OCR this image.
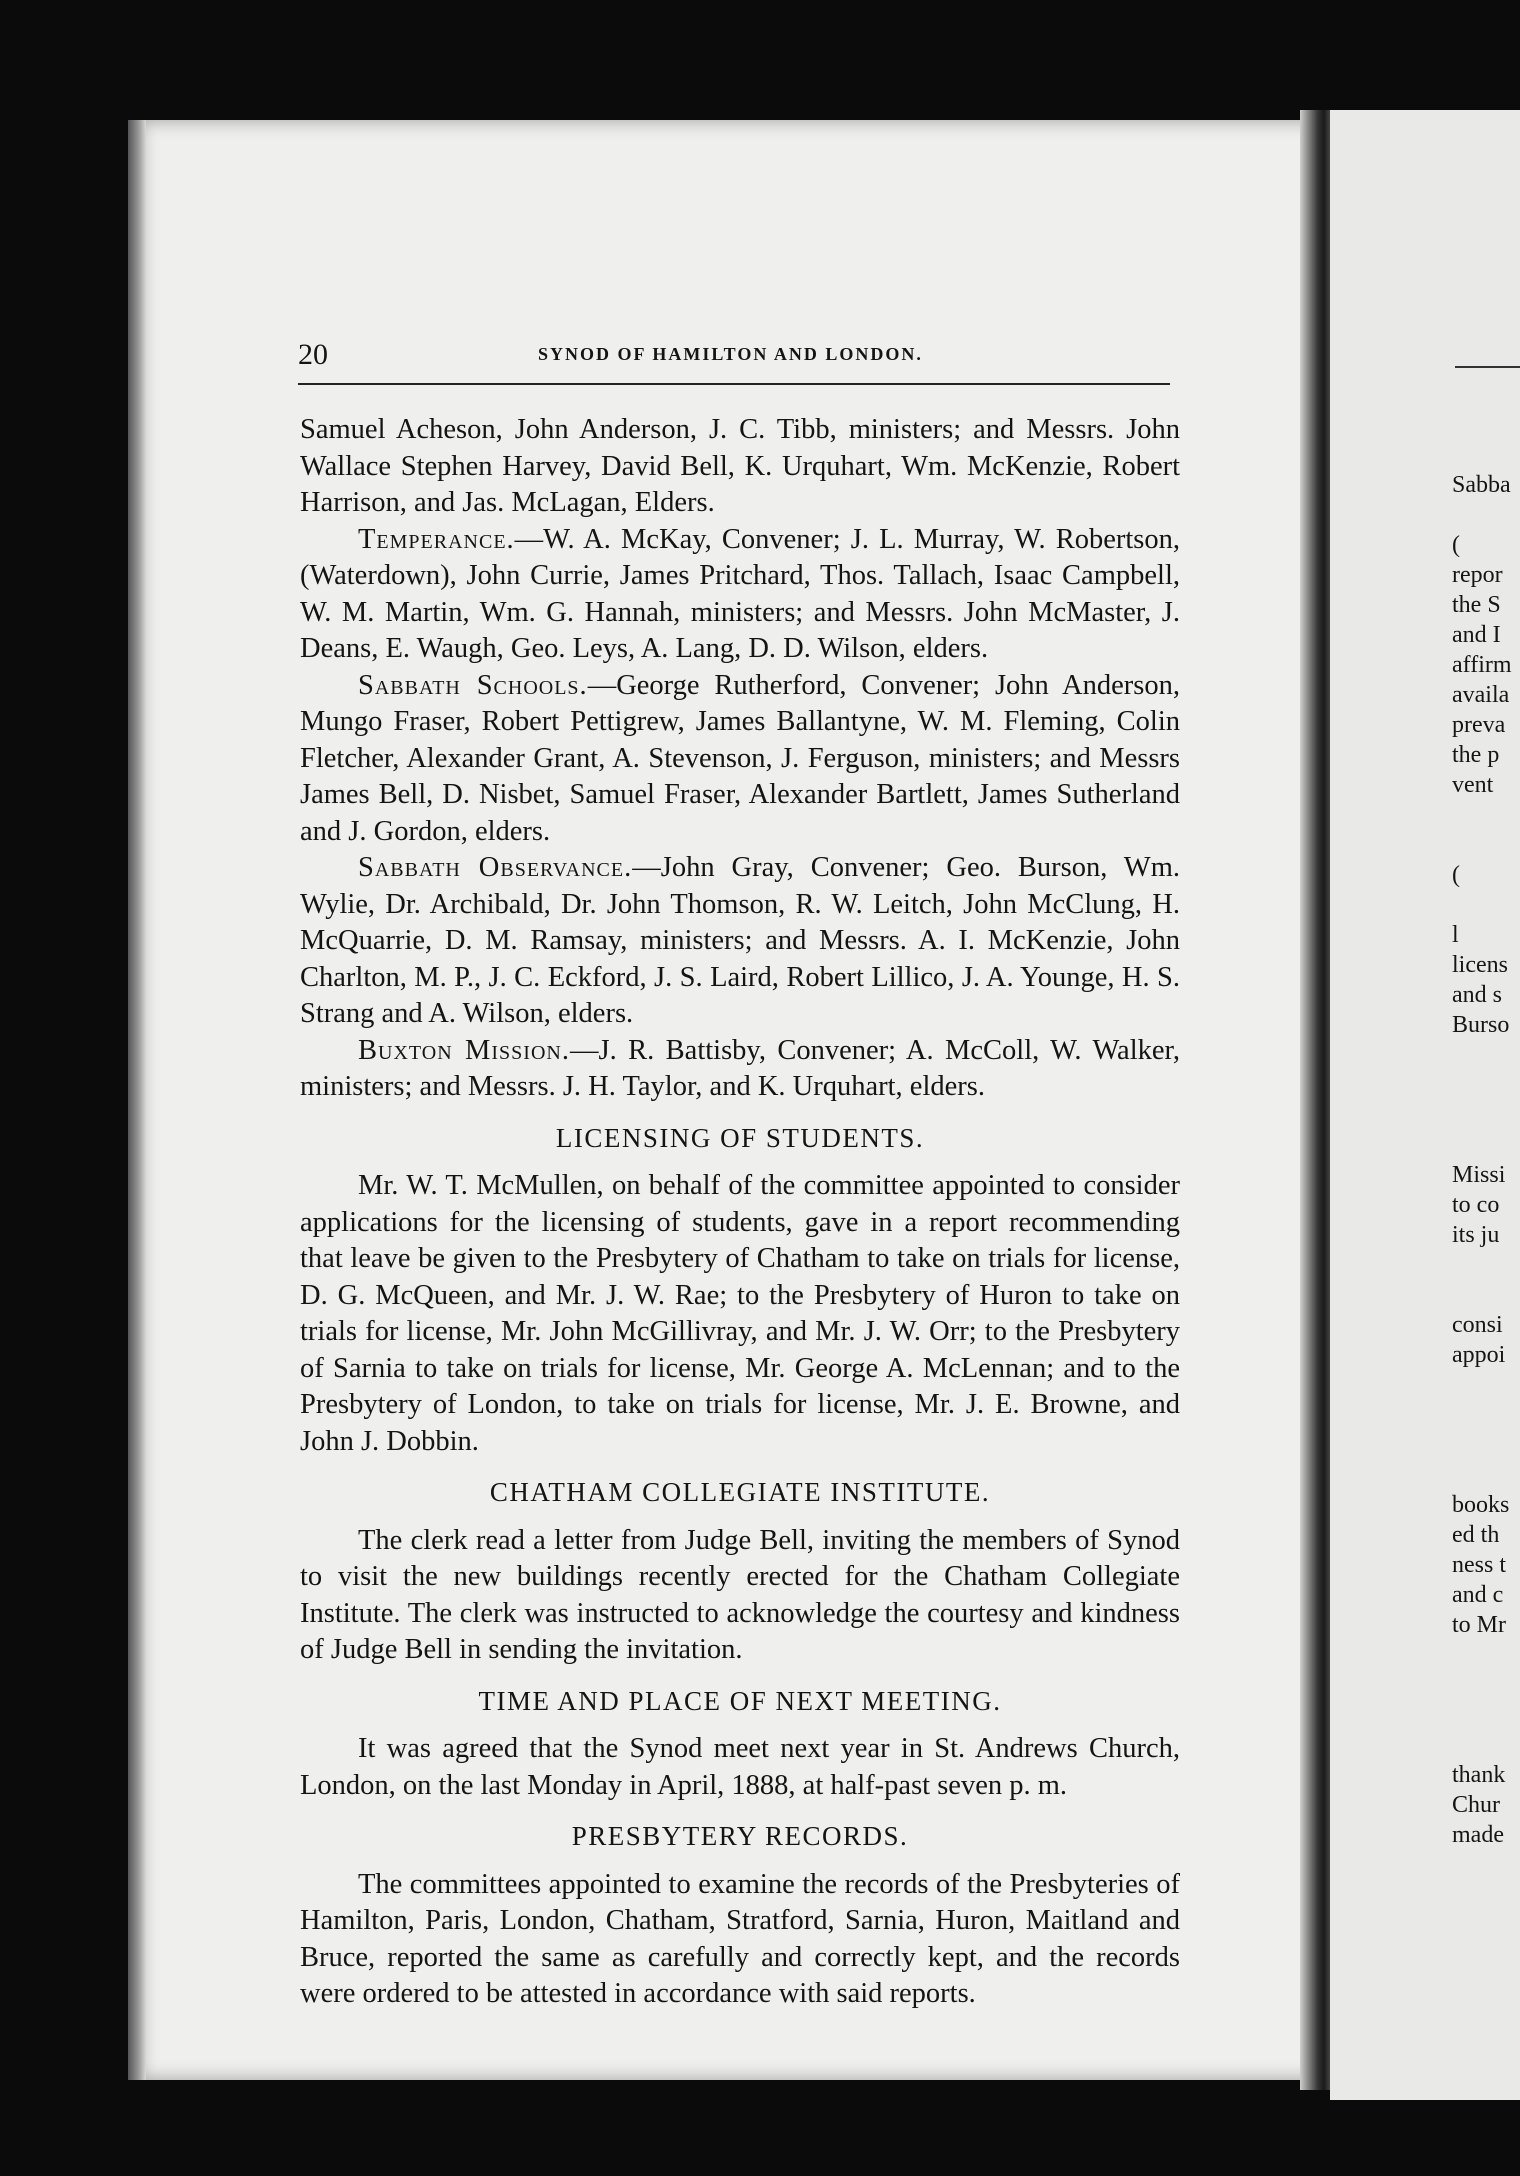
20	SYNOD OF HAMILTON AND LONDON.

Samuel Acheson, John Anderson, J. C. Tibb, ministers; and Messrs. John Wallace Stephen Harvey, David Bell, K. Urquhart, Wm. McKenzie, Robert Harrison, and Jas. McLagan, Elders.

Temperance.—W. A. McKay, Convener; J. L. Murray, W. Robertson, (Waterdown), John Currie, James Pritchard, Thos. Tallach, Isaac Campbell, W. M. Martin, Wm. G. Hannah, ministers; and Messrs. John McMaster, J. Deans, E. Waugh, Geo. Leys, A. Lang, D. D. Wilson, elders.

Sabbath Schools.—George Rutherford, Convener; John Anderson, Mungo Fraser, Robert Pettigrew, James Ballantyne, W. M. Fleming, Colin Fletcher, Alexander Grant, A. Stevenson, J. Ferguson, ministers; and Messrs James Bell, D. Nisbet, Samuel Fraser, Alexander Bartlett, James Sutherland and J. Gordon, elders.

Sabbath Observance.—John Gray, Convener; Geo. Burson, Wm. Wylie, Dr. Archibald, Dr. John Thomson, R. W. Leitch, John McClung, H. McQuarrie, D. M. Ramsay, ministers; and Messrs. A. I. McKenzie, John Charlton, M. P., J. C. Eckford, J. S. Laird, Robert Lillico, J. A. Younge, H. S. Strang and A. Wilson, elders.

Buxton Mission.—J. R. Battisby, Convener; A. McColl, W. Walker, ministers; and Messrs. J. H. Taylor, and K. Urquhart, elders.

LICENSING OF STUDENTS.

Mr. W. T. McMullen, on behalf of the committee appointed to consider applications for the licensing of students, gave in a report recommending that leave be given to the Presbytery of Chatham to take on trials for license, D. G. McQueen, and Mr. J. W. Rae; to the Presbytery of Huron to take on trials for license, Mr. John McGillivray, and Mr. J. W. Orr; to the Presbytery of Sarnia to take on trials for license, Mr. George A. McLennan; and to the Presbytery of London, to take on trials for license, Mr. J. E. Browne, and John J. Dobbin.

CHATHAM COLLEGIATE INSTITUTE.

The clerk read a letter from Judge Bell, inviting the members of Synod to visit the new buildings recently erected for the Chatham Collegiate Institute. The clerk was instructed to acknowledge the courtesy and kindness of Judge Bell in sending the invitation.

TIME AND PLACE OF NEXT MEETING.

It was agreed that the Synod meet next year in St. Andrews Church, London, on the last Monday in April, 1888, at half-past seven p. m.

PRESBYTERY RECORDS.

The committees appointed to examine the records of the Presbyteries of Hamilton, Paris, London, Chatham, Stratford, Sarnia, Huron, Maitland and Bruce, reported the same as carefully and correctly kept, and the records were ordered to be attested in accordance with said reports.

Sabba
(
repor
the S
and I
affirm
availa
preva
the p
vent
(
l
licens
and s
Burso
Missi
to co
its ju
consi
appoi
books
ed th
ness t
and c
to Mr
thank
Chur
made
